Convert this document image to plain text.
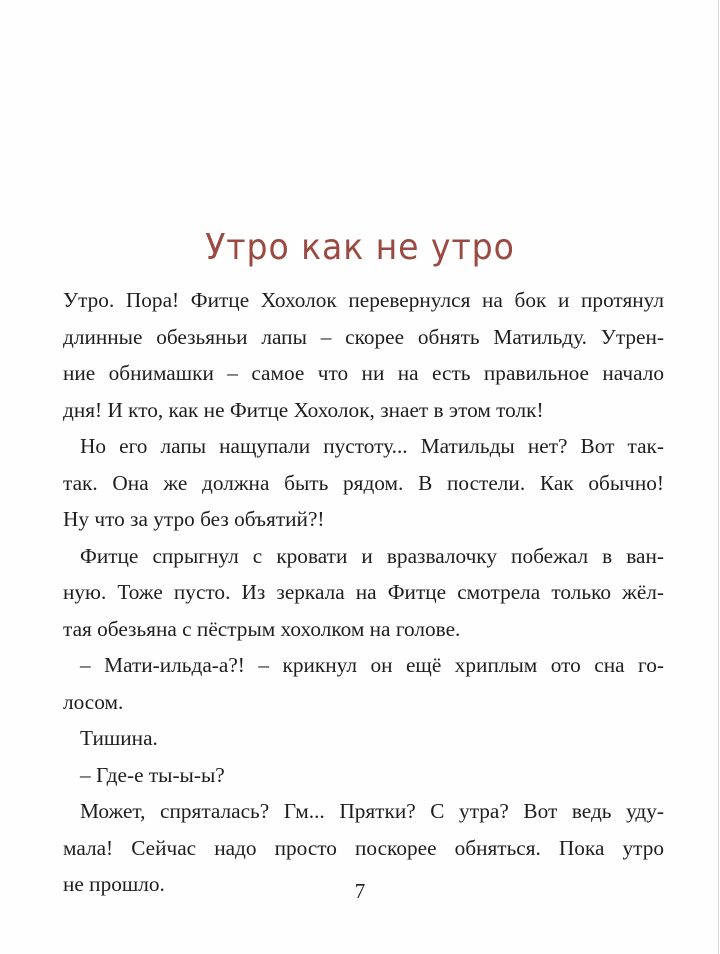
Утро как не утро
Утро. Пора! Фитце Хохолок перевернулся на бок и протянул
длинные обезьяньи лапы – скорее обнять Матильду. Утрен-
ние обнимашки – самое что ни на есть правильное начало
дня! И кто, как не Фитце Хохолок, знает в этом толк!
Но его лапы нащупали пустоту... Матильды нет? Вот так-
так. Она же должна быть рядом. В постели. Как обычно!
Ну что за утро без объятий?!
Фитце спрыгнул с кровати и вразвалочку побежал в ван-
ную. Тоже пусто. Из зеркала на Фитце смотрела только жёл-
тая обезьяна с пёстрым хохолком на голове.
– Мати-ильда-а?! – крикнул он ещё хриплым ото сна го-
лосом.
Тишина.
– Где-е ты-ы-ы?
Может, спряталась? Гм... Прятки? С утра? Вот ведь уду-
мала! Сейчас надо просто поскорее обняться. Пока утро
не прошло.	7
